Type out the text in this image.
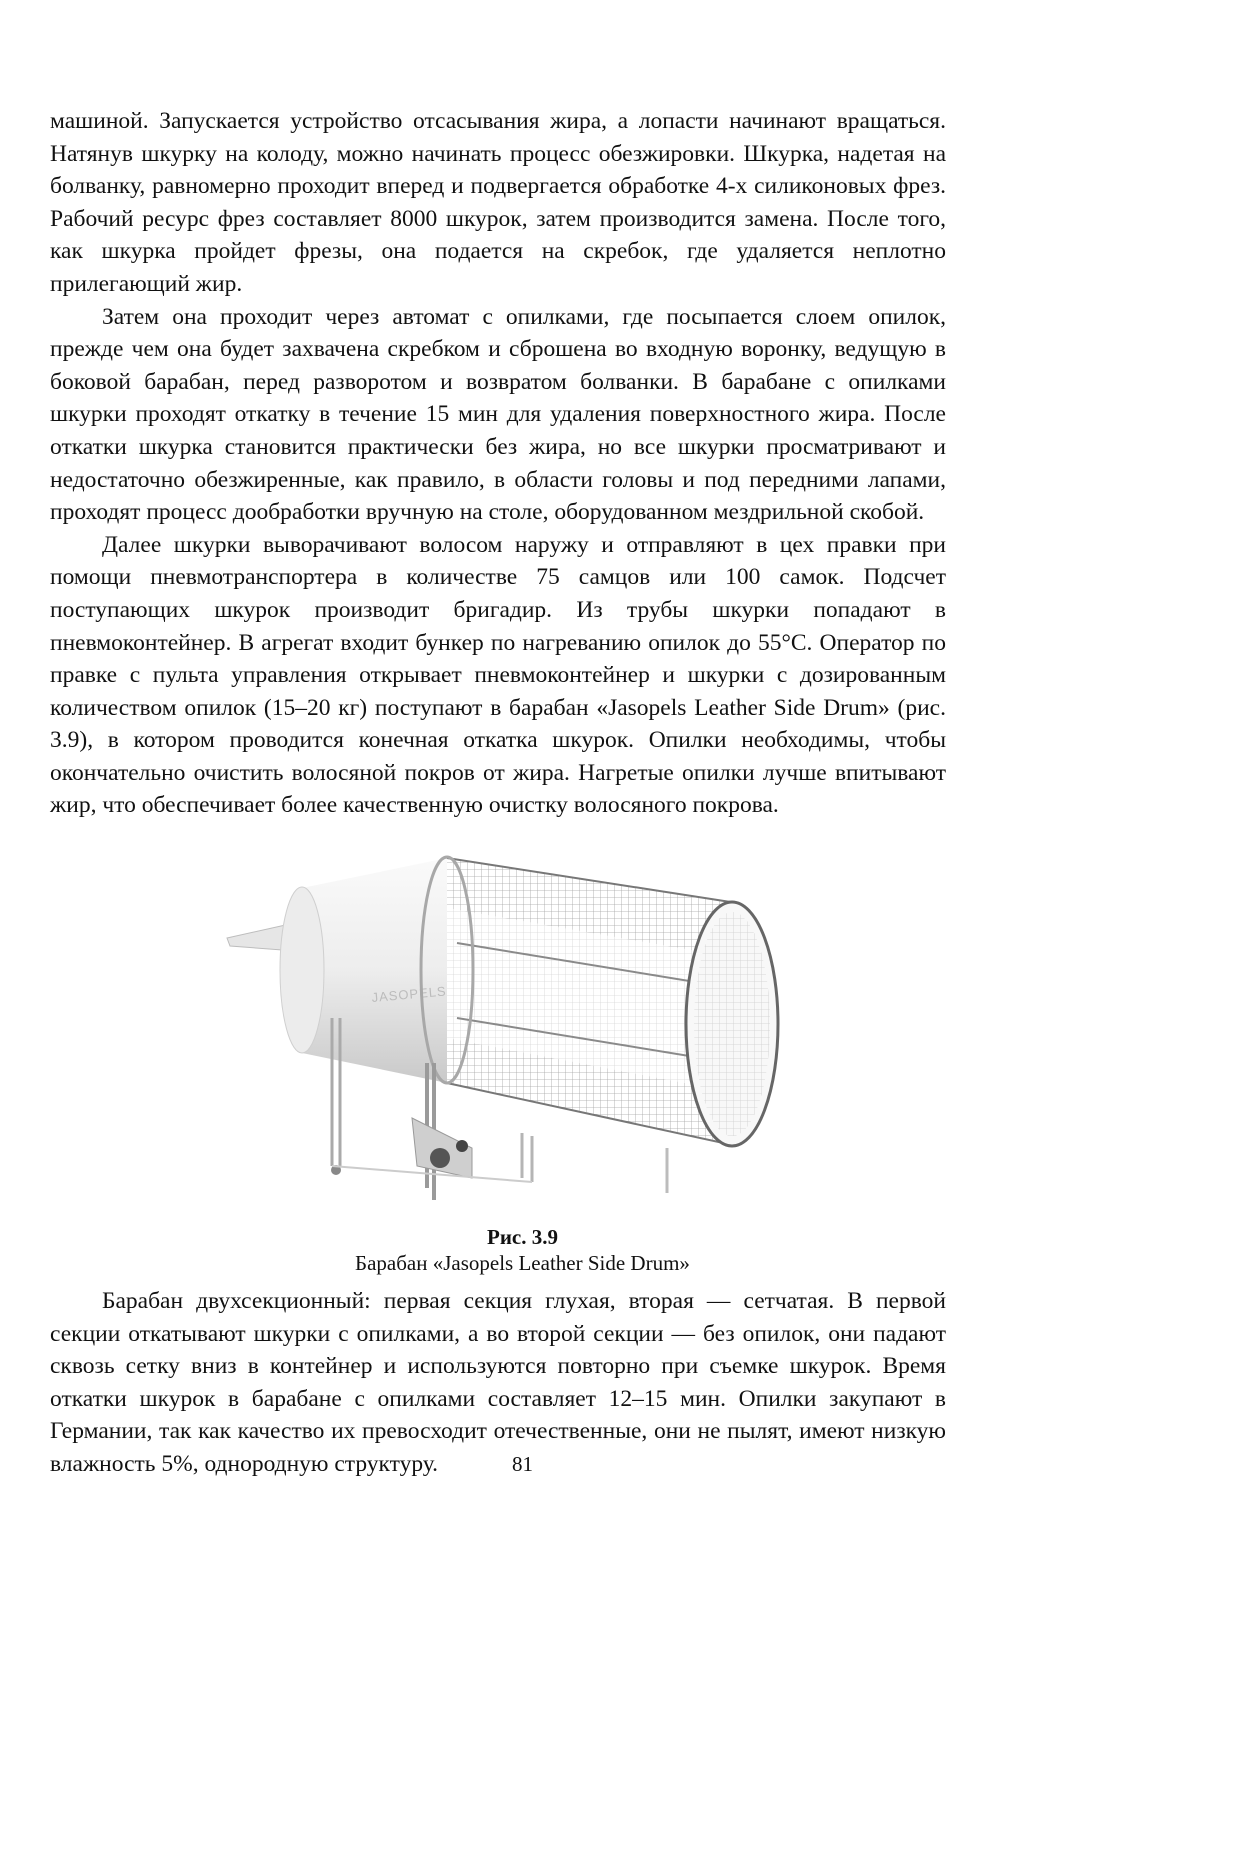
машиной. Запускается устройство отсасывания жира, а лопасти начинают вращаться. Натянув шкурку на колоду, можно начинать процесс обезжировки. Шкурка, надетая на болванку, равномерно проходит вперед и подвергается обработке 4-х силиконовых фрез. Рабочий ресурс фрез составляет 8000 шкурок, затем производится замена. После того, как шкурка пройдет фрезы, она подается на скребок, где удаляется неплотно прилегающий жир.

Затем она проходит через автомат с опилками, где посыпается слоем опилок, прежде чем она будет захвачена скребком и сброшена во входную воронку, ведущую в боковой барабан, перед разворотом и возвратом болванки. В барабане с опилками шкурки проходят откатку в течение 15 мин для удаления поверхностного жира. После откатки шкурка становится практически без жира, но все шкурки просматривают и недостаточно обезжиренные, как правило, в области головы и под передними лапами, проходят процесс дообработки вручную на столе, оборудованном мездрильной скобой.

Далее шкурки выворачивают волосом наружу и отправляют в цех правки при помощи пневмотранспортера в количестве 75 самцов или 100 самок. Подсчет поступающих шкурок производит бригадир. Из трубы шкурки попадают в пневмоконтейнер. В агрегат входит бункер по нагреванию опилок до 55°С. Оператор по правке с пульта управления открывает пневмоконтейнер и шкурки с дозированным количеством опилок (15–20 кг) поступают в барабан «Jasopels Leather Side Drum» (рис. 3.9), в котором проводится конечная откатка шкурок. Опилки необходимы, чтобы окончательно очистить волосяной покров от жира. Нагретые опилки лучше впитывают жир, что обеспечивает более качественную очистку волосяного покрова.

JASOPELS
Рис. 3.9
Барабан «Jasopels Leather Side Drum»

Барабан двухсекционный: первая секция глухая, вторая — сетчатая. В первой секции откатывают шкурки с опилками, а во второй секции — без опилок, они падают сквозь сетку вниз в контейнер и используются повторно при съемке шкурок. Время откатки шкурок в барабане с опилками составляет 12–15 мин. Опилки закупают в Германии, так как качество их превосходит отечественные, они не пылят, имеют низкую влажность 5%, однородную структуру.	81
